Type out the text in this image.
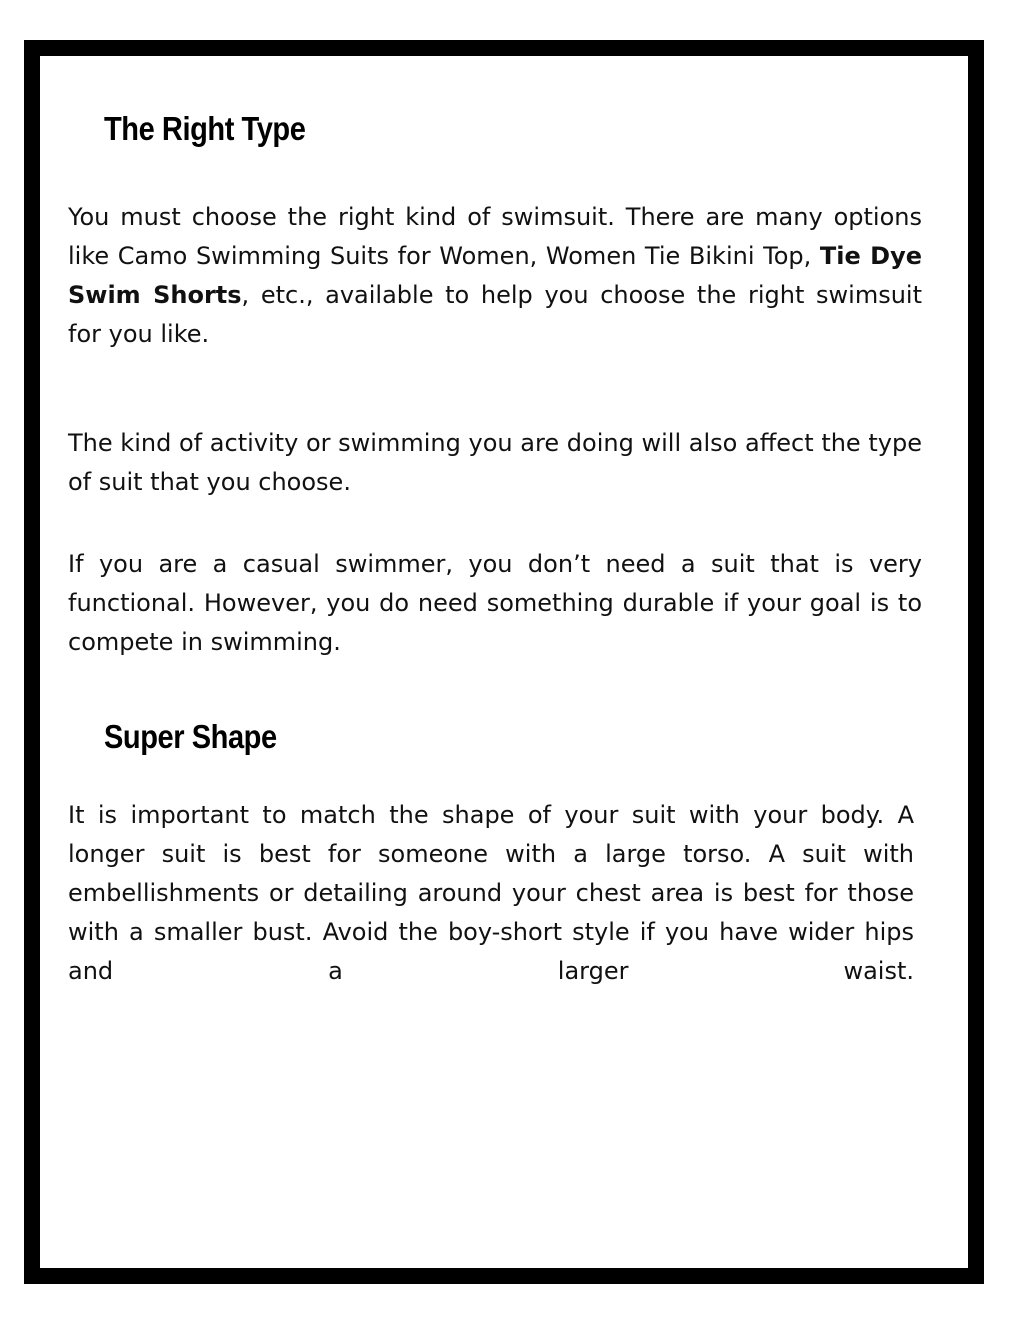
The Right Type

You must choose the right kind of swimsuit. There are many options like Camo Swimming Suits for Women, Women Tie Bikini Top, Tie Dye Swim Shorts, etc., available to help you choose the right swimsuit for you like.

The kind of activity or swimming you are doing will also affect the type of suit that you choose.

If you are a casual swimmer, you don’t need a suit that is very functional. However, you do need something durable if your goal is to compete in swimming.

Super Shape

It is important to match the shape of your suit with your body. A longer suit is best for someone with a large torso. A suit with embellishments or detailing around your chest area is best for those with a smaller bust. Avoid the boy-short style if you have wider hips and a larger waist.
